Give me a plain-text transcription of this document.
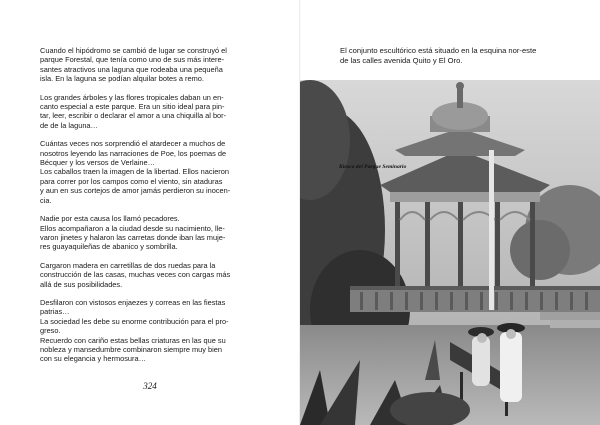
Cuando el hipódromo se cambió de lugar se construyó el
parque Forestal, que tenía como uno de sus más intere-
santes atractivos una laguna que rodeaba una pequeña
isla. En la laguna se podían alquilar botes a remo.

Los grandes árboles y las flores tropicales daban un en-
canto especial a este parque. Era un sitio ideal para pin-
tar, leer, escribir o declarar el amor a una chiquilla al bor-
de de la laguna…

Cuántas veces nos sorprendió el atardecer a muchos de
nosotros leyendo las narraciones de Poe, los poemas de
Bécquer y los versos de Verlaine…
Los caballos traen la imagen de la libertad. Ellos nacieron
para correr por los campos como el viento, sin ataduras
y aun en sus cortejos de amor jamás perdieron su inocen-
cia.

Nadie por esta causa los llamó pecadores.
Ellos acompañaron a la ciudad desde su nacimiento, lle-
varon jinetes y halaron las carretas donde iban las muje-
res guayaquileñas de abanico y sombrilla.

Cargaron madera en carretillas de dos ruedas para la
construcción de las casas, muchas veces con cargas más
allá de sus posibilidades.

Desfilaron con vistosos enjaezes y correas en las fiestas
patrias…
La sociedad les debe su enorme contribución para el pro-
greso.
Recuerdo con cariño estas bellas criaturas en las que su
nobleza y mansedumbre combinaron siempre muy bien
con su elegancia y hermosura…

324
El conjunto escultórico está situado en la esquina nor-este
de las calles avenida Quito y El Oro.
Kiosco del Parque Seminario
